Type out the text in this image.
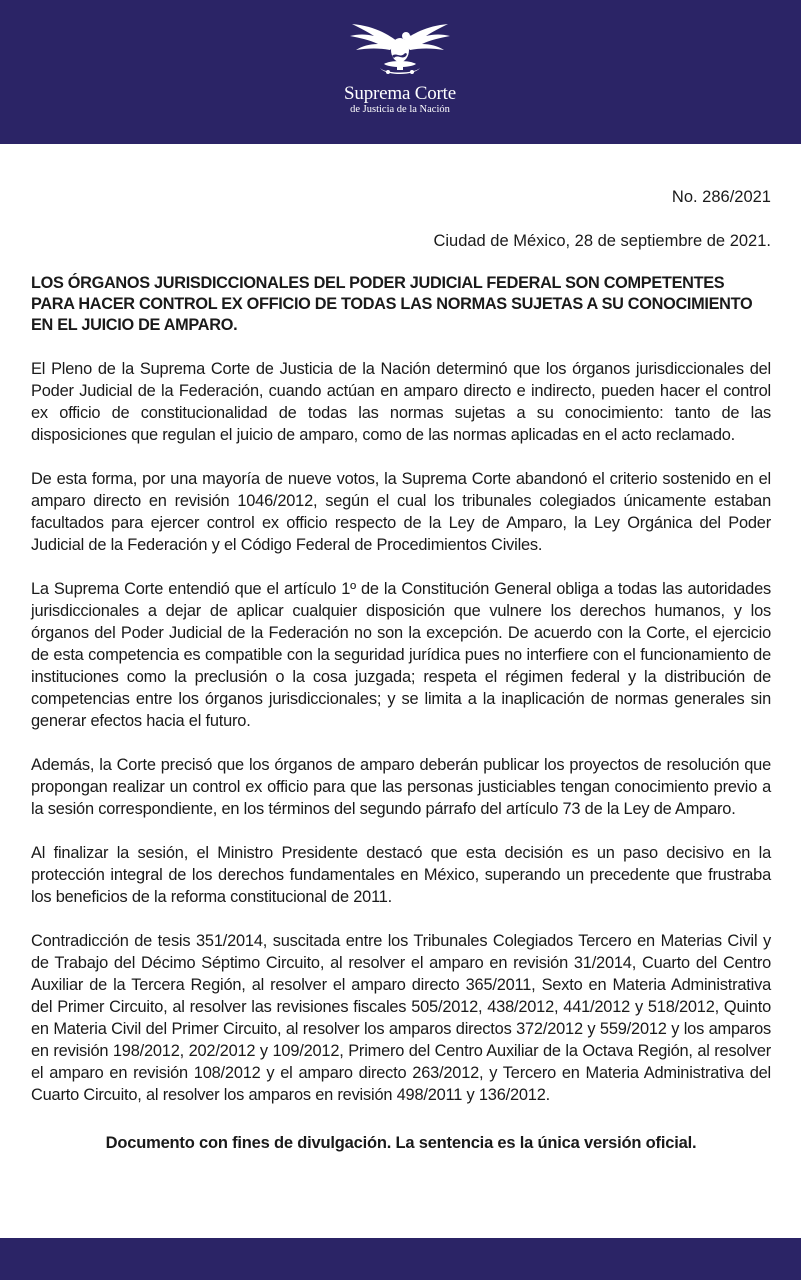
Suprema Corte
de Justicia de la Nación

No. 286/2021

Ciudad de México, 28 de septiembre de 2021.

LOS ÓRGANOS JURISDICCIONALES DEL PODER JUDICIAL FEDERAL SON COMPETENTES PARA HACER CONTROL EX OFFICIO DE TODAS LAS NORMAS SUJETAS A SU CONOCIMIENTO EN EL JUICIO DE AMPARO.

El Pleno de la Suprema Corte de Justicia de la Nación determinó que los órganos jurisdiccionales del Poder Judicial de la Federación, cuando actúan en amparo directo e indirecto, pueden hacer el control ex officio de constitucionalidad de todas las normas sujetas a su conocimiento: tanto de las disposiciones que regulan el juicio de amparo, como de las normas aplicadas en el acto reclamado.

De esta forma, por una mayoría de nueve votos, la Suprema Corte abandonó el criterio sostenido en el amparo directo en revisión 1046/2012, según el cual los tribunales colegiados únicamente estaban facultados para ejercer control ex officio respecto de la Ley de Amparo, la Ley Orgánica del Poder Judicial de la Federación y el Código Federal de Procedimientos Civiles.

La Suprema Corte entendió que el artículo 1º de la Constitución General obliga a todas las autoridades jurisdiccionales a dejar de aplicar cualquier disposición que vulnere los derechos humanos, y los órganos del Poder Judicial de la Federación no son la excepción. De acuerdo con la Corte, el ejercicio de esta competencia es compatible con la seguridad jurídica pues no interfiere con el funcionamiento de instituciones como la preclusión o la cosa juzgada; respeta el régimen federal y la distribución de competencias entre los órganos jurisdiccionales; y se limita a la inaplicación de normas generales sin generar efectos hacia el futuro.

Además, la Corte precisó que los órganos de amparo deberán publicar los proyectos de resolución que propongan realizar un control ex officio para que las personas justiciables tengan conocimiento previo a la sesión correspondiente, en los términos del segundo párrafo del artículo 73 de la Ley de Amparo.

Al finalizar la sesión, el Ministro Presidente destacó que esta decisión es un paso decisivo en la protección integral de los derechos fundamentales en México, superando un precedente que frustraba los beneficios de la reforma constitucional de 2011.

Contradicción de tesis 351/2014, suscitada entre los Tribunales Colegiados Tercero en Materias Civil y de Trabajo del Décimo Séptimo Circuito, al resolver el amparo en revisión 31/2014, Cuarto del Centro Auxiliar de la Tercera Región, al resolver el amparo directo 365/2011, Sexto en Materia Administrativa del Primer Circuito, al resolver las revisiones fiscales 505/2012, 438/2012, 441/2012 y 518/2012, Quinto en Materia Civil del Primer Circuito, al resolver los amparos directos 372/2012 y 559/2012 y los amparos en revisión 198/2012, 202/2012 y 109/2012, Primero del Centro Auxiliar de la Octava Región, al resolver el amparo en revisión 108/2012 y el amparo directo 263/2012, y Tercero en Materia Administrativa del Cuarto Circuito, al resolver los amparos en revisión 498/2011 y 136/2012.

Documento con fines de divulgación. La sentencia es la única versión oficial.
